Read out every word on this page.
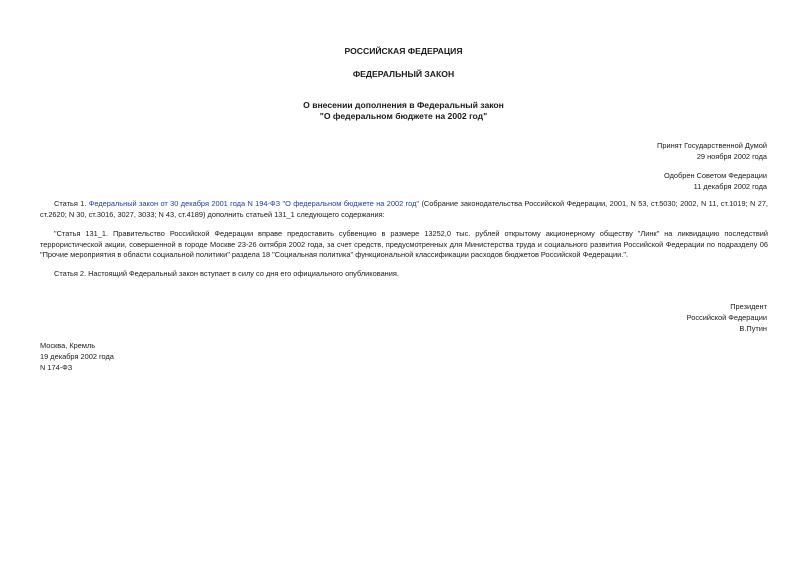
РОССИЙСКАЯ ФЕДЕРАЦИЯ
ФЕДЕРАЛЬНЫЙ ЗАКОН
О внесении дополнения в Федеральный закон
"О федеральном бюджете на 2002 год"
Принят Государственной Думой
29 ноября 2002 года
Одобрен Советом Федерации
11 декабря 2002 года
Статья 1. Федеральный закон от 30 декабря 2001 года N 194-ФЗ "О федеральном бюджете на 2002 год" (Собрание законодательства Российской Федерации, 2001, N 53, ст.5030; 2002, N 11, ст.1019; N 27, ст.2620; N 30, ст.3016, 3027, 3033; N 43, ст.4189) дополнить статьей 131_1 следующего содержания:
"Статья 131_1. Правительство Российской Федерации вправе предоставить субвенцию в размере 13252,0 тыс. рублей открытому акционерному обществу "Линк" на ликвидацию последствий террористической акции, совершенной в городе Москве 23-26 октября 2002 года, за счет средств, предусмотренных для Министерства труда и социального развития Российской Федерации по подразделу 06 "Прочие мероприятия в области социальной политики" раздела 18 "Социальная политика" функциональной классификации расходов бюджетов Российской Федерации.".
Статья 2. Настоящий Федеральный закон вступает в силу со дня его официального опубликования.
Президент
Российской Федерации
В.Путин
Москва, Кремль
19 декабря 2002 года
N 174-ФЗ
